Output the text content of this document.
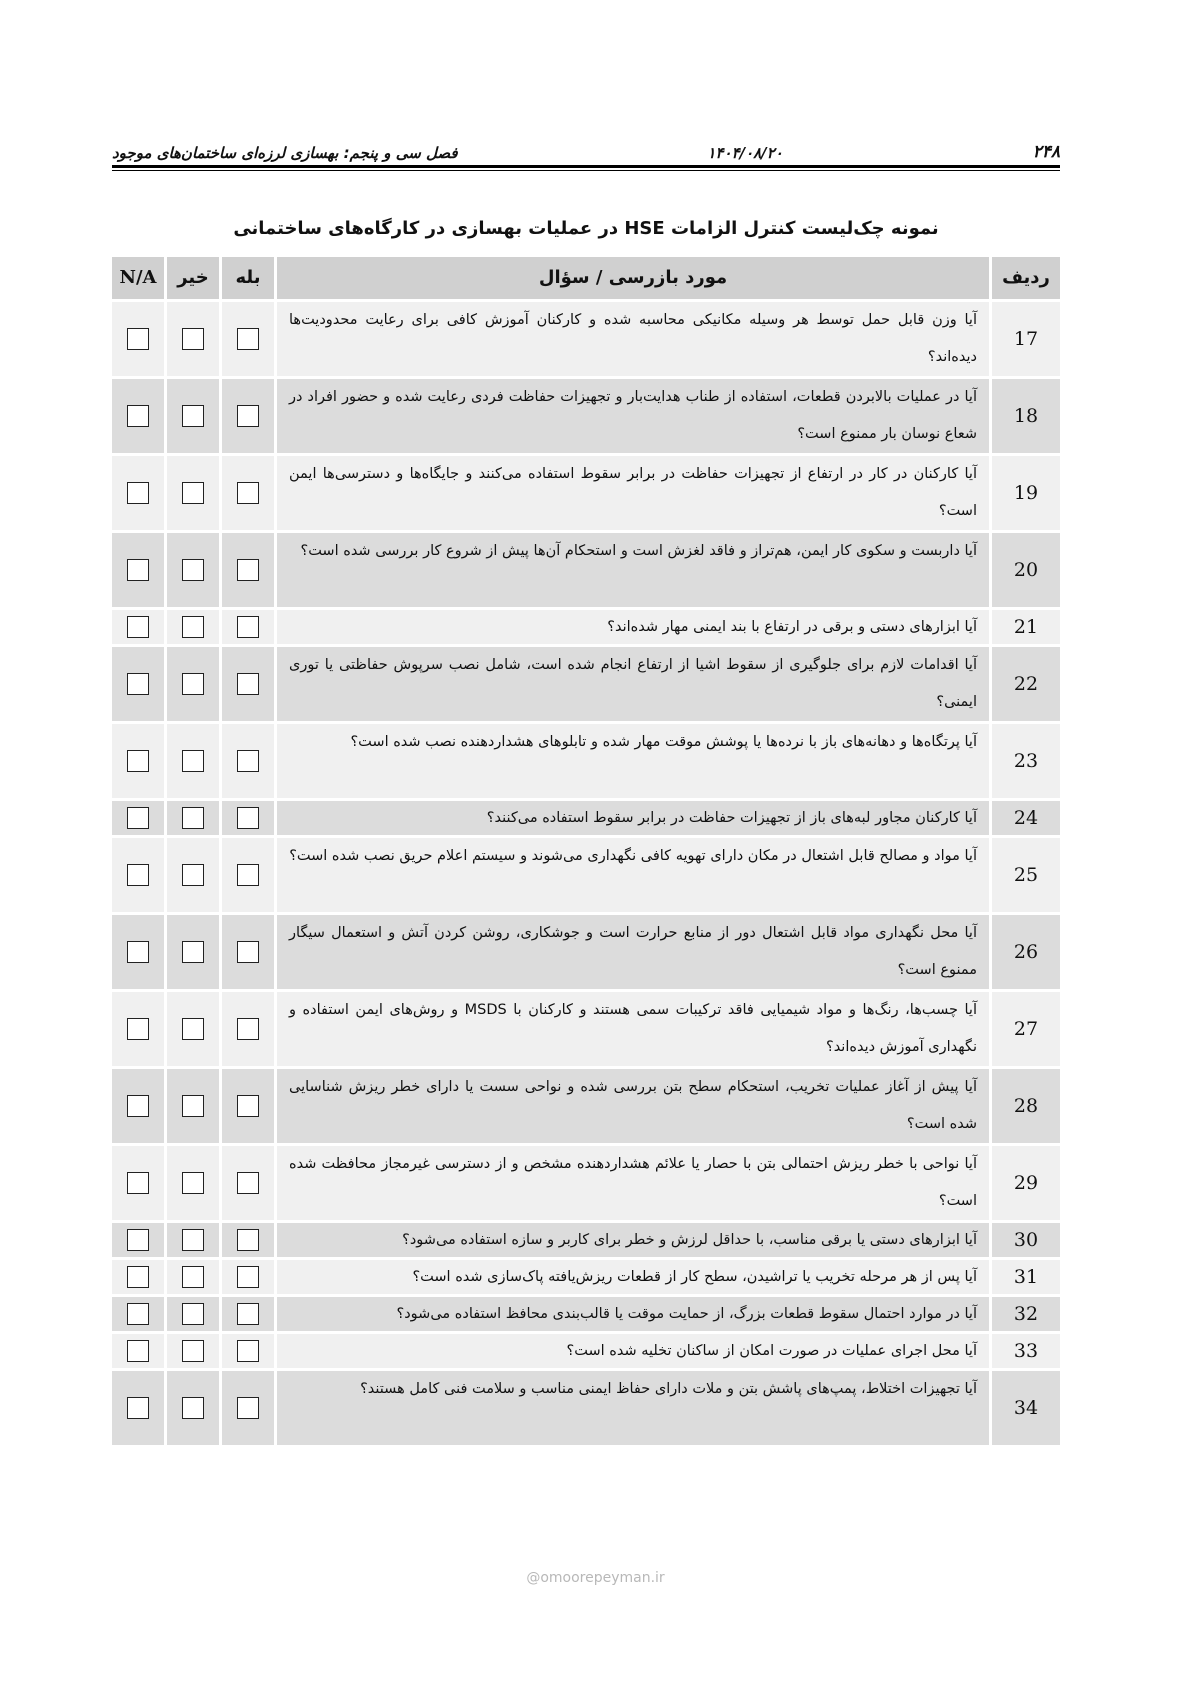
فصل سی و پنجم: بهسازی لرزه‌ای ساختمان‌های موجود	۱۴۰۴/۰۸/۲۰	۲۴۸
نمونه چک‌لیست کنترل الزامات HSE در عملیات بهسازی در کارگاه‌های ساختمانی
ردیف
مورد بازرسی / سؤال
بله
خیر
N/A
17
آیا وزن قابل حمل توسط هر وسیله مکانیکی محاسبه شده و کارکنان آموزش کافی برای رعایت محدودیت‌ها دیده‌اند؟
18
آیا در عملیات بالابردن قطعات، استفاده از طناب هدایت‌بار و تجهیزات حفاظت فردی رعایت شده و حضور افراد در شعاع نوسان بار ممنوع است؟
19
آیا کارکنان در کار در ارتفاع از تجهیزات حفاظت در برابر سقوط استفاده می‌کنند و جایگاه‌ها و دسترسی‌ها ایمن است؟
20
آیا داربست و سکوی کار ایمن، هم‌تراز و فاقد لغزش است و استحکام آن‌ها پیش از شروع کار بررسی شده است؟
21
آیا ابزارهای دستی و برقی در ارتفاع با بند ایمنی مهار شده‌اند؟
22
آیا اقدامات لازم برای جلوگیری از سقوط اشیا از ارتفاع انجام شده است، شامل نصب سرپوش حفاظتی یا توری ایمنی؟
23
آیا پرتگاه‌ها و دهانه‌های باز با نرده‌ها یا پوشش موقت مهار شده و تابلوهای هشداردهنده نصب شده است؟
24
آیا کارکنان مجاور لبه‌های باز از تجهیزات حفاظت در برابر سقوط استفاده می‌کنند؟
25
آیا مواد و مصالح قابل اشتعال در مکان دارای تهویه کافی نگهداری می‌شوند و سیستم اعلام حریق نصب شده است؟
26
آیا محل نگهداری مواد قابل اشتعال دور از منابع حرارت است و جوشکاری، روشن کردن آتش و استعمال سیگار ممنوع است؟
27
آیا چسب‌ها، رنگ‌ها و مواد شیمیایی فاقد ترکیبات سمی هستند و کارکنان با MSDS و روش‌های ایمن استفاده و نگهداری آموزش دیده‌اند؟
28
آیا پیش از آغاز عملیات تخریب، استحکام سطح بتن بررسی شده و نواحی سست یا دارای خطر ریزش شناسایی شده است؟
29
آیا نواحی با خطر ریزش احتمالی بتن با حصار یا علائم هشداردهنده مشخص و از دسترسی غیرمجاز محافظت شده است؟
30
آیا ابزارهای دستی یا برقی مناسب، با حداقل لرزش و خطر برای کاربر و سازه استفاده می‌شود؟
31
آیا پس از هر مرحله تخریب یا تراشیدن، سطح کار از قطعات ریزش‌یافته پاک‌سازی شده است؟
32
آیا در موارد احتمال سقوط قطعات بزرگ، از حمایت موقت یا قالب‌بندی محافظ استفاده می‌شود؟
33
آیا محل اجرای عملیات در صورت امکان از ساکنان تخلیه شده است؟
34
آیا تجهیزات اختلاط، پمپ‌های پاشش بتن و ملات دارای حفاظ ایمنی مناسب و سلامت فنی کامل هستند؟
@omoorepeyman.ir
